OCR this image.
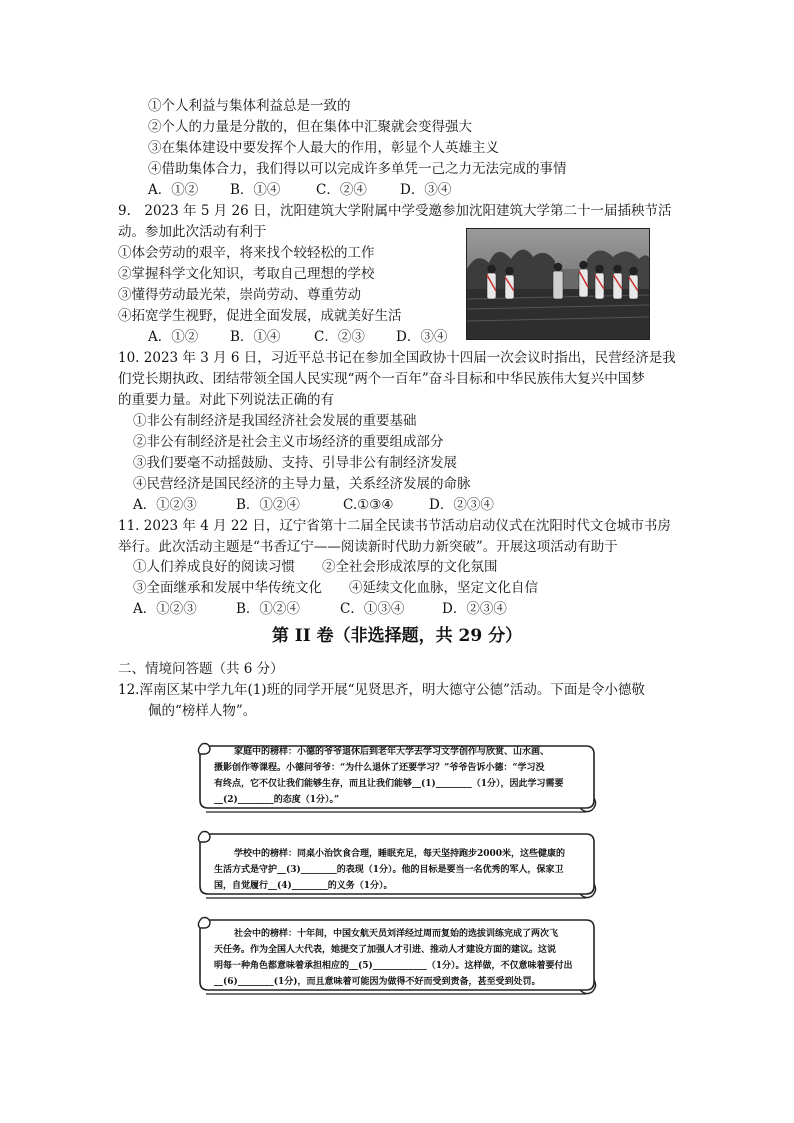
①个人利益与集体利益总是一致的
②个人的力量是分散的，但在集体中汇聚就会变得强大
③在集体建设中要发挥个人最大的作用，彰显个人英雄主义
④借助集体合力，我们得以可以完成许多单凭一己之力无法完成的事情
A．①② B．①④	C．②④ D．③④
9.　2023 年 5 月 26 日，沈阳建筑大学附属中学受邀参加沈阳建筑大学第二十一届插秧节活
动。参加此次活动有利于
①体会劳动的艰辛，将来找个较轻松的工作
②掌握科学文化知识，考取自己理想的学校
③懂得劳动最光荣，崇尚劳动、尊重劳动
④拓宽学生视野，促进全面发展，成就美好生活
A．①② B．①④ C．②③ D．③④
10. 2023 年 3 月 6 日，习近平总书记在参加全国政协十四届一次会议时指出，民营经济是我
们党长期执政、团结带领全国人民实现“两个一百年”奋斗目标和中华民族伟大复兴中国梦
的重要力量。对此下列说法正确的有
①非公有制经济是我国经济社会发展的重要基础
②非公有制经济是社会主义市场经济的重要组成部分
③我们要毫不动摇鼓励、支持、引导非公有制经济发展
④民营经济是国民经济的主导力量，关系经济发展的命脉
A．①②③	B．①②④	C.①③④	D．②③④
11. 2023 年 4 月 22 日，辽宁省第十二届全民读书节活动启动仪式在沈阳时代文仓城市书房
举行。此次活动主题是“书香辽宁——阅读新时代助力新突破”。开展这项活动有助于
①人们养成良好的阅读习惯　　②全社会形成浓厚的文化氛围
③全面继承和发展中华传统文化　　④延续文化血脉，坚定文化自信
A．①②③	B．①②④	C．①③④	D．②③④
第 II 卷（非选择题，共 29 分）
二、情境问答题（共 6 分）
12.浑南区某中学九年(1)班的同学开展“见贤思齐，明大德守公德”活动。下面是令小德敬
佩的“榜样人物”。
家庭中的榜样：小德的爷爷退休后到老年大学去学习文学创作与欣赏、山水画、
摄影创作等课程。小德问爷爷：“为什么退休了还要学习？”爷爷告诉小德：“学习没
有终点，它不仅让我们能够生存，而且让我们能够__(1)________（1分），因此学习需要
__(2)________的态度（1分）。”
学校中的榜样：同桌小治饮食合理，睡眠充足，每天坚持跑步2000米，这些健康的
生活方式是守护__(3)________的表现（1分）。他的目标是要当一名优秀的军人，保家卫
国，自觉履行__(4)________的义务（1分）。
社会中的榜样：十年间，中国女航天员刘洋经过周而复始的选拔训练完成了两次飞
天任务。作为全国人大代表，她提交了加强人才引进、推动人才建设方面的建议。这说
明每一种角色都意味着承担相应的__(5)____________（1分）。这样做，不仅意味着要付出
__(6)________(1分)，而且意味着可能因为做得不好而受到责备，甚至受到处罚。
